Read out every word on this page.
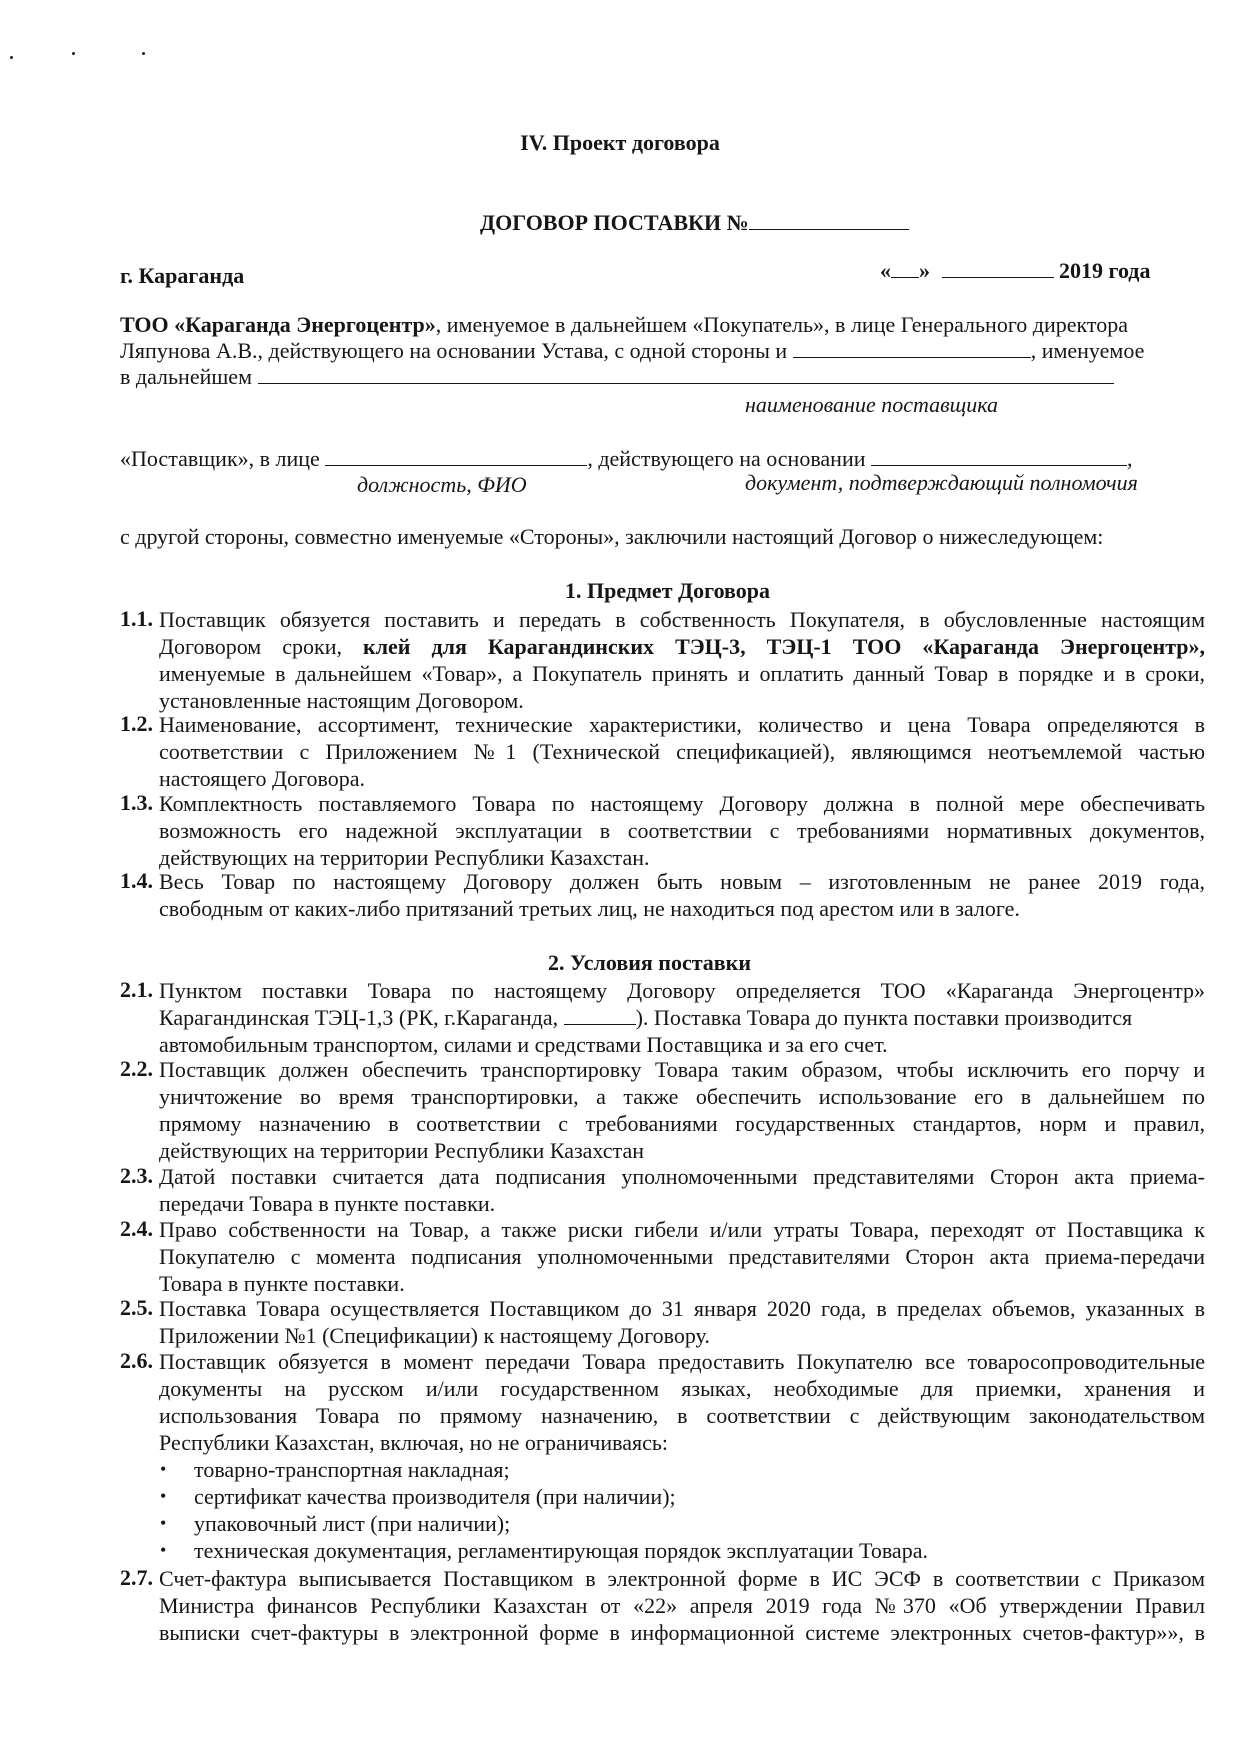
IV. Проект договора
ДОГОВОР ПОСТАВКИ №
г. Караганда	« »	2019 года
ТОО «Караганда Энергоцентр», именуемое в дальнейшем «Покупатель», в лице Генерального директора
Ляпунова А.В., действующего на основании Устава, с одной стороны и	, именуемое
в дальнейшем
наименование поставщика
«Поставщик», в лице	, действующего на основании	,
должность, ФИО	документ, подтверждающий полномочия
с другой стороны, совместно именуемые «Стороны», заключили настоящий Договор о нижеследующем:
1. Предмет Договора
1.1. Поставщик обязуется поставить и передать в собственность Покупателя, в обусловленные настоящим
Договором сроки, клей для Карагандинских ТЭЦ-3, ТЭЦ-1 ТОО «Караганда Энергоцентр»,
именуемые в дальнейшем «Товар», а Покупатель принять и оплатить данный Товар в порядке и в сроки,
установленные настоящим Договором.
1.2. Наименование, ассортимент, технические характеристики, количество и цена Товара определяются в
соответствии с Приложением №1 (Технической спецификацией), являющимся неотъемлемой частью
настоящего Договора.
1.3. Комплектность поставляемого Товара по настоящему Договору должна в полной мере обеспечивать
возможность его надежной эксплуатации в соответствии с требованиями нормативных документов,
действующих на территории Республики Казахстан.
1.4. Весь Товар по настоящему Договору должен быть новым – изготовленным не ранее 2019 года,
свободным от каких-либо притязаний третьих лиц, не находиться под арестом или в залоге.
2. Условия поставки
2.1. Пунктом поставки Товара по настоящему Договору определяется ТОО «Караганда Энергоцентр»
Карагандинская ТЭЦ-1,3 (РК, г.Караганда,	). Поставка Товара до пункта поставки производится
автомобильным транспортом, силами и средствами Поставщика и за его счет.
2.2. Поставщик должен обеспечить транспортировку Товара таким образом, чтобы исключить его порчу и
уничтожение во время транспортировки, а также обеспечить использование его в дальнейшем по
прямому назначению в соответствии с требованиями государственных стандартов, норм и правил,
действующих на территории Республики Казахстан
2.3. Датой поставки считается дата подписания уполномоченными представителями Сторон акта приема-
передачи Товара в пункте поставки.
2.4. Право собственности на Товар, а также риски гибели и/или утраты Товара, переходят от Поставщика к
Покупателю с момента подписания уполномоченными представителями Сторон акта приема-передачи
Товара в пункте поставки.
2.5. Поставка Товара осуществляется Поставщиком до 31 января 2020 года, в пределах объемов, указанных в
Приложении №1 (Спецификации) к настоящему Договору.
2.6. Поставщик обязуется в момент передачи Товара предоставить Покупателю все товаросопроводительные
документы на русском и/или государственном языках, необходимые для приемки, хранения и
использования Товара по прямому назначению, в соответствии с действующим законодательством
Республики Казахстан, включая, но не ограничиваясь:
• товарно-транспортная накладная;
• сертификат качества производителя (при наличии);
• упаковочный лист (при наличии);
• техническая документация, регламентирующая порядок эксплуатации Товара.
2.7. Счет-фактура выписывается Поставщиком в электронной форме в ИС ЭСФ в соответствии с Приказом
Министра финансов Республики Казахстан от «22» апреля 2019 года №370 «Об утверждении Правил
выписки счет-фактуры в электронной форме в информационной системе электронных счетов-фактур»», в
